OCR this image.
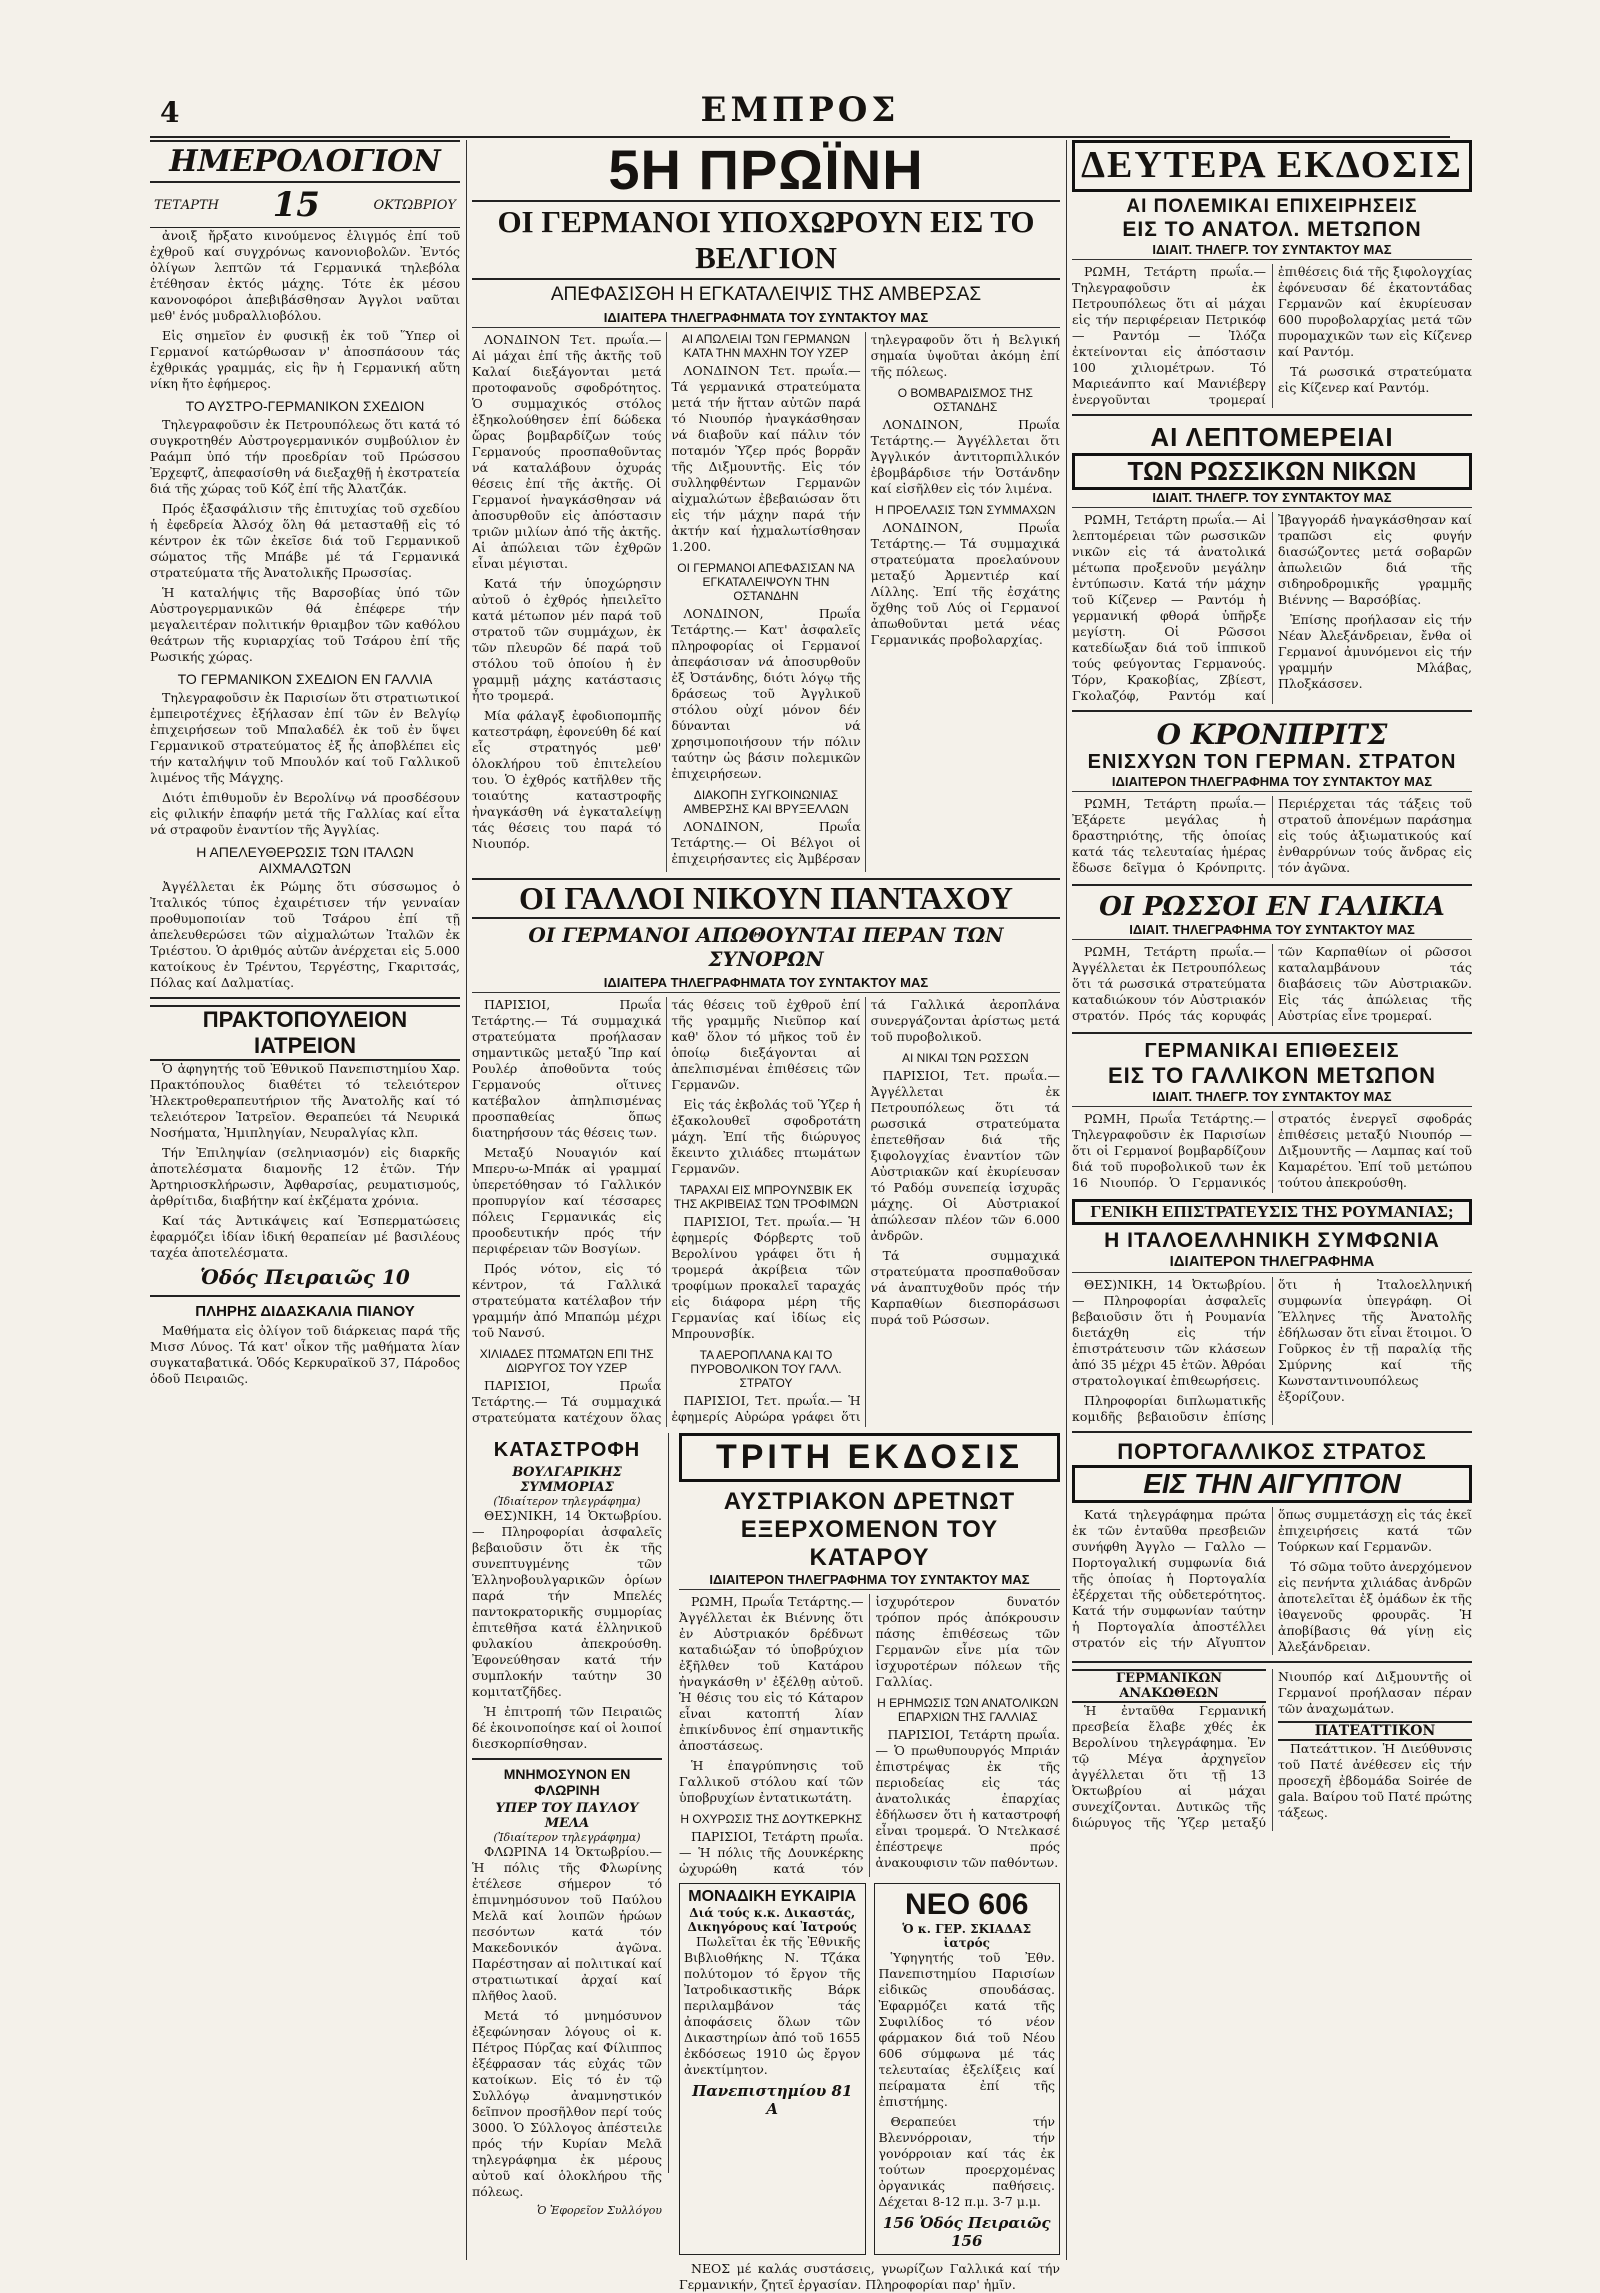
4	ΕΜΠΡΟΣ
ΗΜΕΡΟΛΟΓΙΟΝ
ΤΕΤΑΡΤΗ 15	ΟΚΤΩΒΡΙΟΥ

ἀνοιξ ἤρξατο κινούμενος ἑλιγμός ἐπί τοῦ ἐχθροῦ καί συγχρόνως κανονιοβολῶν. Ἐντός ὀλίγων λεπτῶν τά Γερμανικά τηλεβόλα ἐτέθησαν ἐκτός μάχης. Τότε ἐκ μέσου κανονοφόροι ἀπεβιβάσθησαν Ἀγγλοι ναῦται μεθ' ἑνός μυδραλλιοβόλου.

Εἰς σημεῖον ἐν φυσικῇ ἐκ τοῦ Ὕπερ οἱ Γερμανοί κατώρθωσαν ν' ἀποσπάσουν τάς ἐχθρικάς γραμμάς, εἰς ἣν ἡ Γερμανική αὕτη νίκη ἤτο ἐφήμερος.

ΤΟ ΑΥΣΤΡΟ-ΓΕΡΜΑΝΙΚΟΝ ΣΧΕΔΙΟΝ

Τηλεγραφοῦσιν ἐκ Πετρουπόλεως ὅτι κατά τό συγκροτηθέν Αὐστρογερμανικόν συμβούλιον ἐν Ραάμπ ὑπό τήν προεδρίαν τοῦ Πρώσσου Ἐρχεφτζ, ἀπεφασίσθη νά διεξαχθῇ ἡ ἐκστρατεία διά τῆς χώρας τοῦ Κόζ ἐπί τῆς Ἀλατζάκ.

Πρός ἐξασφάλισιν τῆς ἐπιτυχίας τοῦ σχεδίου ἡ ἐφεδρεία Ἀλσόχ ὅλη θά μετασταθῇ εἰς τό κέντρον ἐκ τῶν ἐκεῖσε διά τοῦ Γερμανικοῦ σώματος τῆς Μπάβε μέ τά Γερμανικά στρατεύματα τῆς Ἀνατολικῆς Πρωσσίας.

Ἡ καταλήψις τῆς Βαρσοβίας ὑπό τῶν Αὐστρογερμανικῶν θά ἐπέφερε τήν μεγαλειτέραν πολιτικήν θριαμβον τῶν καθόλου θεάτρων τῆς κυριαρχίας τοῦ Τσάρου ἐπί τῆς Ρωσικής χώρας.

ΤΟ ΓΕΡΜΑΝΙΚΟΝ ΣΧΕΔΙΟΝ ΕΝ ΓΑΛΛΙΑ

Τηλεγραφοῦσιν ἐκ Παρισίων ὅτι στρατιωτικοί ἐμπειροτέχνες ἐξήλασαν ἐπί τῶν ἐν Βελγίῳ ἐπιχειρήσεων τοῦ Μπαλαδέλ ἐκ τοῦ ἐν ὕψει Γερμανικοῦ στρατεύματος ἐξ ἧς ἀποβλέπει εἰς τήν καταλήψιν τοῦ Μπουλόν καί τοῦ Γαλλικοῦ λιμένος τῆς Μάγχης.

Διότι ἐπιθυμοῦν ἐν Βερολίνῳ νά προσδέσουν εἰς φιλικήν ἐπαφήν μετά τῆς Γαλλίας καί εἶτα νά στραφοῦν ἐναντίον τῆς Ἀγγλίας.

Η ΑΠΕΛΕΥΘΕΡΩΣΙΣ ΤΩΝ ΙΤΑΛΩΝ ΑΙΧΜΑΛΩΤΩΝ

Ἀγγέλλεται ἐκ Ρώμης ὅτι σύσσωμος ὁ Ἰταλικός τύπος ἐχαιρέτισεν τήν γενναίαν προθυμοποιίαν τοῦ Τσάρου ἐπί τῇ ἀπελευθερώσει τῶν αἰχμαλώτων Ἰταλῶν ἐκ Τριέστου. Ὁ ἀριθμός αὐτῶν ἀνέρχεται εἰς 5.000 κατοίκους ἐν Τρέντου, Τεργέστης, Γκαριτσάς, Πόλας καί Δαλματίας.

ΠΡΑΚΤΟΠΟΥΛΕΙΟΝ ΙΑΤΡΕΙΟΝ

Ὁ ἀφηγητής τοῦ Ἐθνικοῦ Πανεπιστημίου Χαρ. Πρακτόπουλος διαθέτει τό τελειότερον Ἠλεκτροθεραπευτήριον τῆς Ἀνατολῆς καί τό τελειότερον Ἰατρεῖον. Θεραπεύει τά Νευρικά Νοσήματα, Ἠμιπληγίαν, Νευραλγίας κλπ.

Τήν Ἐπιληψίαν (σεληνιασμόν) εἰς διαρκῆς ἀποτελέσματα διαμονῆς 12 ἐτῶν. Τήν Ἀρτηριοσκλήρωσιν, Ἀφθαρσίας, ρευματισμούς, ἀρθρίτιδα, διαβήτην καί ἐκζέματα χρόνια.

Καί τάς Ἀντικάψεις καί Ἐσπερματώσεις ἐφαρμόζει ἰδίαν ἰδική θεραπείαν μέ βασιλέους ταχέα ἀποτελέσματα.

Ὁδός Πειραιῶς 10
ΠΛΗΡΗΣ ΔΙΔΑΣΚΑΛΙΑ ΠΙΑΝΟΥ

Μαθήματα εἰς ὀλίγον τοῦ διάρκειας παρά τῆς Μισσ Λύνος. Τά κατ' οἶκον τῆς μαθήματα λίαν συγκαταβατικά. Ὁδός Κερκυραϊκοῦ 37, Πάροδος ὁδοῦ Πειραιῶς.

5Η ΠΡΩΪΝΗ
ΟΙ ΓΕΡΜΑΝΟΙ ΥΠΟΧΩΡΟΥΝ ΕΙΣ ΤΟ ΒΕΛΓΙΟΝ
ΑΠΕΦΑΣΙΣΘΗ Η ΕΓΚΑΤΑΛΕΙΨΙΣ ΤΗΣ ΑΜΒΕΡΣΑΣ
ΙΔΙΑΙΤΕΡΑ ΤΗΛΕΓΡΑΦΗΜΑΤΑ ΤΟΥ ΣΥΝΤΑΚΤΟΥ ΜΑΣ

ΛΟΝΔΙΝΟΝ Τετ. πρωΐα.— Αἱ μάχαι ἐπί τῆς ἀκτῆς τοῦ Καλαί διεξάγονται μετά προτοφανοῦς σφοδρότητος. Ὁ συμμαχικός στόλος ἐξηκολούθησεν ἐπί δώδεκα ὥρας βομβαρδίζων τούς Γερμανούς προσπαθοῦντας νά καταλάβουν ὀχυράς θέσεις ἐπί τῆς ἀκτῆς. Οἱ Γερμανοί ἠναγκάσθησαν νά ἀποσυρθοῦν εἰς ἀπόστασιν τριῶν μιλίων ἀπό τῆς ἀκτῆς. Αἱ ἀπώλειαι τῶν ἐχθρῶν εἶναι μέγισται.

Κατά τήν ὑποχώρησιν αὐτοῦ ὁ ἐχθρός ἠπειλεῖτο κατά μέτωπον μέν παρά τοῦ στρατοῦ τῶν συμμάχων, ἐκ τῶν πλευρῶν δέ παρά τοῦ στόλου τοῦ ὁποίου ἡ ἐν γραμμῇ μάχης κατάστασις ἦτο τρομερά.

Μία φάλαγξ ἐφοδιοπομπῆς κατεστράφη, ἐφονεύθη δέ καί εἷς στρατηγός μεθ' ὁλοκλήρου τοῦ ἐπιτελείου του. Ὁ ἐχθρός κατῆλθεν τῆς τοιαύτης καταστροφῆς ἠναγκάσθη νά ἐγκαταλείψῃ τάς θέσεις του παρά τό Νιουπόρ.

ΑΙ ΑΠΩΛΕΙΑΙ ΤΩΝ ΓΕΡΜΑΝΩΝ ΚΑΤΑ ΤΗΝ ΜΑΧΗΝ ΤΟΥ ΥΖΕΡ

ΛΟΝΔΙΝΟΝ Τετ. πρωΐα.— Τά γερμανικά στρατεύματα μετά τήν ἥτταν αὐτῶν παρά τό Νιουπόρ ἠναγκάσθησαν νά διαβοῦν καί πάλιν τόν ποταμόν Ὑζερ πρός βορρᾶν τῆς Διξμουντῆς. Εἰς τόν συλληφθέντων Γερμανῶν αἰχμαλώτων ἐβεβαιώσαν ὅτι εἰς τήν μάχην παρά τήν ἀκτήν καί ἠχμαλωτίσθησαν 1.200.

ΟΙ ΓΕΡΜΑΝΟΙ ΑΠΕΦΑΣΙΣΑΝ ΝΑ ΕΓΚΑΤΑΛΕΙΨΟΥΝ ΤΗΝ ΟΣΤΑΝΔΗΝ

ΛΟΝΔΙΝΟΝ, Πρωΐα Τετάρτης.— Κατ' ἀσφαλεῖς πληροφορίας οἱ Γερμανοί ἀπεφάσισαν νά ἀποσυρθοῦν ἐξ Ὀστάνδης, διότι λόγῳ τῆς δράσεως τοῦ Ἀγγλικοῦ στόλου οὐχί μόνον δέν δύνανται νά χρησιμοποιήσουν τήν πόλιν ταύτην ὡς βάσιν πολεμικῶν ἐπιχειρήσεων.

ΔΙΑΚΟΠΗ ΣΥΓΚΟΙΝΩΝΙΑΣ ΑΜΒΕΡΣΗΣ ΚΑΙ ΒΡΥΞΕΛΛΩΝ

ΛΟΝΔΙΝΟΝ, Πρωΐα Τετάρτης.— Οἱ Βέλγοι οἱ ἐπιχειρήσαντες εἰς Ἀμβέρσαν τηλεγραφοῦν ὅτι ἡ Βελγική σημαία ὑψοῦται ἀκόμη ἐπί τῆς πόλεως.

Ο ΒΟΜΒΑΡΔΙΣΜΟΣ ΤΗΣ ΟΣΤΑΝΔΗΣ

ΛΟΝΔΙΝΟΝ, Πρωΐα Τετάρτης.— Ἀγγέλλεται ὅτι Ἀγγλικόν ἀντιτορπιλλικόν ἐβομβάρδισε τήν Ὀστάνδην καί εἰσῆλθεν εἰς τόν λιμένα.

Η ΠΡΟΕΛΑΣΙΣ ΤΩΝ ΣΥΜΜΑΧΩΝ

ΛΟΝΔΙΝΟΝ, Πρωΐα Τετάρτης.— Τά συμμαχικά στρατεύματα προελαύνουν μεταξύ Ἀρμεντιέρ καί Λίλλης. Ἐπί τῆς ἐσχάτης ὄχθης τοῦ Λύς οἱ Γερμανοί ἀπωθοῦνται μετά νέας Γερμανικάς προβολαρχίας.

ΟΙ ΓΑΛΛΟΙ ΝΙΚΟΥΝ ΠΑΝΤΑΧΟΥ
ΟΙ ΓΕΡΜΑΝΟΙ ΑΠΩΘΟΥΝΤΑΙ ΠΕΡΑΝ ΤΩΝ ΣΥΝΟΡΩΝ
ΙΔΙΑΙΤΕΡΑ ΤΗΛΕΓΡΑΦΗΜΑΤΑ ΤΟΥ ΣΥΝΤΑΚΤΟΥ ΜΑΣ

ΠΑΡΙΣΙΟΙ, Πρωΐα Τετάρτης.— Τά συμμαχικά στρατεύματα προήλασαν σημαντικῶς μεταξύ Ἴπρ καί Ρουλέρ ἀποθοῦντα τούς Γερμανούς οἵτινες κατέβαλον ἀπηλπισμένας προσπαθείας ὅπως διατηρήσουν τάς θέσεις των.

Μεταξύ Νουαγιόν καί Μπερυ-ω-Μπάκ αἱ γραμμαί ὑπερετόθησαν τό Γαλλικόν προπυργίον καί τέσσαρες πόλεις Γερμανικάς εἰς προοδευτικήν πρός τήν περιφέρειαν τῶν Βοσγίων.

Πρός νότον, εἰς τό κέντρον, τά Γαλλικά στρατεύματα κατέλαβον τήν γραμμήν ἀπό Μπαπώμ μέχρι τοῦ Νανσύ.

ΧΙΛΙΑΔΕΣ ΠΤΩΜΑΤΩΝ ΕΠΙ ΤΗΣ ΔΙΩΡΥΓΟΣ ΤΟΥ ΥΖΕΡ

ΠΑΡΙΣΙΟΙ, Πρωΐα Τετάρτης.— Τά συμμαχικά στρατεύματα κατέχουν ὅλας τάς θέσεις τοῦ ἐχθροῦ ἐπί τῆς γραμμῆς Νιεῦπορ καί καθ' ὅλον τό μῆκος τοῦ ἐν ὁποίῳ διεξάγονται αἱ ἀπελπισμέναι ἐπιθέσεις τῶν Γερμανῶν.

Εἰς τάς ἐκβολάς τοῦ Ὑζερ ἡ ἐξακολουθεῖ σφοδροτάτη μάχη. Ἐπί τῆς διώρυγος ἔκειντο χιλιάδες πτωμάτων Γερμανῶν.

ΤΑΡΑΧΑΙ ΕΙΣ ΜΠΡΟΥΝΣΒΙΚ ΕΚ ΤΗΣ ΑΚΡΙΒΕΙΑΣ ΤΩΝ ΤΡΟΦΙΜΩΝ

ΠΑΡΙΣΙΟΙ, Τετ. πρωΐα.— Ἡ ἐφημερίς Φόρβερτς τοῦ Βερολίνου γράφει ὅτι ἡ τρομερά ἀκρίβεια τῶν τροφίμων προκαλεῖ ταραχάς εἰς διάφορα μέρη τῆς Γερμανίας καί ἰδίως εἰς Μπρουνσβίκ.

ΤΑ ΑΕΡΟΠΛΑΝΑ ΚΑΙ ΤΟ ΠΥΡΟΒΟΛΙΚΟΝ ΤΟΥ ΓΑΛΛ. ΣΤΡΑΤΟΥ

ΠΑΡΙΣΙΟΙ, Τετ. πρωΐα.— Ἡ ἐφημερίς Αὐρώρα γράφει ὅτι τά Γαλλικά ἀεροπλάνα συνεργάζονται ἀρίστως μετά τοῦ πυροβολικοῦ.

ΑΙ ΝΙΚΑΙ ΤΩΝ ΡΩΣΣΩΝ

ΠΑΡΙΣΙΟΙ, Τετ. πρωΐα.— Ἀγγέλλεται ἐκ Πετρουπόλεως ὅτι τά ρωσσικά στρατεύματα ἐπετεθῆσαν διά τῆς ξιφολογχίας ἐναντίον τῶν Αὐστριακῶν καί ἐκυρίευσαν τό Ραδόμ συνεπείᾳ ἰσχυρᾶς μάχης. Οἱ Αὐστριακοί ἀπώλεσαν πλέον τῶν 6.000 ἀνδρῶν.

Τά συμμαχικά στρατεύματα προσπαθοῦσαν νά ἀναπτυχθοῦν πρός τήν Καρπαθίων διεσποράσωσι πυρά τοῦ Ρώσσων.

ΚΑΤΑΣΤΡΟΦΗ
ΒΟΥΛΓΑΡΙΚΗΣ ΣΥΜΜΟΡΙΑΣ
(Ἰδιαίτερον τηλεγράφημα)

ΘΕΣ)ΝΙΚΗ, 14 Ὀκτωβρίου.— Πληροφορίαι ἀσφαλεῖς βεβαιοῦσιν ὅτι ἐκ τῆς συνεπτυγμένης τῶν Ἑλληνοβουλγαρικῶν ὁρίων παρά τήν Μπελές παντοκρατορικῆς συμμορίας ἐπιτεθῆσα κατά ἑλληνικοῦ φυλακίου ἀπεκρούσθη. Ἐφονεύθησαν κατά τήν συμπλοκήν ταύτην 30 κομιτατζῆδες.

Ἡ ἐπιτροπή τῶν Πειραιῶς δέ ἐκοινοποίησε καί οἱ λοιποί διεσκορπίσθησαν.

ΜΝΗΜΟΣΥΝΟΝ ΕΝ ΦΛΩΡΙΝΗ
ΥΠΕΡ ΤΟΥ ΠΑΥΛΟΥ ΜΕΛΑ
(Ἰδιαίτερον τηλεγράφημα)

ΦΛΩΡΙΝΑ 14 Ὀκτωβρίου.— Ἡ πόλις τῆς Φλωρίνης ἐτέλεσε σήμερον τό ἐπιμνημόσυνον τοῦ Παύλου Μελᾶ καί λοιπῶν ἡρώων πεσόντων κατά τόν Μακεδονικόν ἀγῶνα. Παρέστησαν αἱ πολιτικαί καί στρατιωτικαί ἀρχαί καί πλῆθος λαοῦ.

Μετά τό μνημόσυνον ἐξεφώνησαν λόγους οἱ κ. Πέτρος Πύρζας καί Φίλιππος ἐξέφρασαν τάς εὐχάς τῶν κατοίκων. Εἰς τό ἐν τῷ Συλλόγῳ ἀναμνηστικόν δεῖπνον προσῆλθον περί τούς 3000. Ὁ Σύλλογος ἀπέστειλε πρός τήν Κυρίαν Μελᾶ τηλεγράφημα ἐκ μέρους αὐτοῦ καί ὁλοκλήρου τῆς πόλεως.

Ὁ Ἐφορεῖον Συλλόγου
ΤΡΙΤΗ ΕΚΔΟΣΙΣ
ΑΥΣΤΡΙΑΚΟΝ ΔΡΕΤΝΩΤ
ΕΞΕΡΧΟΜΕΝΟΝ ΤΟΥ ΚΑΤΑΡΟΥ
ΙΔΙΑΙΤΕΡΟΝ ΤΗΛΕΓΡΑΦΗΜΑ ΤΟΥ ΣΥΝΤΑΚΤΟΥ ΜΑΣ

ΡΩΜΗ, Πρωΐα Τετάρτης.— Ἀγγέλλεται ἐκ Βιέννης ὅτι ἐν Αὐστριακόν δρέδνωτ καταδιώξαν τό ὑποβρύχιον ἐξῆλθεν τοῦ Κατάρου ἠναγκάσθη ν' ἐξέλθῃ αὐτοῦ. Ἡ θέσις του εἰς τό Κάταρον εἶναι κατοπτή λίαν ἐπικίνδυνος ἐπί σημαντικῆς ἀποστάσεως.

Ἡ ἐπαγρύπνησις τοῦ Γαλλικοῦ στόλου καί τῶν ὑποβρυχίων ἐντατικωτάτη.

Η ΟΧΥΡΩΣΙΣ ΤΗΣ ΔΟΥΤΚΕΡΚΗΣ

ΠΑΡΙΣΙΟΙ, Τετάρτη πρωΐα.— Ἡ πόλις τῆς Δουνκέρκης ὠχυρώθη κατά τόν ἰσχυρότερον δυνατόν τρόπον πρός ἀπόκρουσιν πάσης ἐπιθέσεως τῶν Γερμανῶν εἶνε μία τῶν ἰσχυροτέρων πόλεων τῆς Γαλλίας.

Η ΕΡΗΜΩΣΙΣ ΤΩΝ ΑΝΑΤΟΛΙΚΩΝ ΕΠΑΡΧΙΩΝ ΤΗΣ ΓΑΛΛΙΑΣ

ΠΑΡΙΣΙΟΙ, Τετάρτη πρωΐα.— Ὁ πρωθυπουργός Μπριάν ἐπιστρέψας ἐκ τῆς περιοδείας εἰς τάς ἀνατολικάς ἐπαρχίας ἐδήλωσεν ὅτι ἡ καταστροφή εἶναι τρομερά. Ὁ Ντελκασέ ἐπέστρεψε πρός ἀνακουφισιν τῶν παθόντων.

ΜΟΝΑΔΙΚΗ ΕΥΚΑΙΡΙΑ
Διά τούς κ.κ. Δικαστάς, Δικηγόρους καί Ἰατρούς

Πωλεῖται ἐκ τῆς Ἐθνικῆς Βιβλιοθήκης Ν. Τζάκα πολύτομον τό ἔργον τῆς Ἰατροδικαστικῆς Βάρκ περιλαμβάνον τάς ἀποφάσεις ὅλων τῶν Δικαστηρίων ἀπό τοῦ 1655 ἐκδόσεως 1910 ὡς ἔργον ἀνεκτίμητον.

Πανεπιστημίου 81 Α
ΝΕΟ 606
Ὁ κ. ΓΕΡ. ΣΚΙΑΔΑΣ ἰατρός

Ὑφηγητής τοῦ Ἐθν. Πανεπιστημίου Παρισίων εἰδικῶς σπουδάσας. Ἐφαρμόζει κατά τῆς Συφιλίδος τό νέον φάρμακον διά τοῦ Νέου 606 σύμφωνα μέ τάς τελευταίας ἐξελίξεις καί πείραματα ἐπί τῆς ἐπιστήμης.

Θεραπεύει τήν Βλεννόρροιαν, τήν γονόρροιαν καί τάς ἐκ τούτων προερχομένας ὀργανικάς παθήσεις. Δέχεται 8-12 π.μ. 3-7 μ.μ.

156 Ὁδός Πειραιῶς 156

ΝΕΟΣ μέ καλάς συστάσεις, γνωρίζων Γαλλικά καί τήν Γερμανικήν, ζητεῖ ἐργασίαν. Πληροφορίαι παρ' ἡμῖν.

ΔΕΥΤΕΡΑ ΕΚΔΟΣΙΣ
ΑΙ ΠΟΛΕΜΙΚΑΙ ΕΠΙΧΕΙΡΗΣΕΙΣ
ΕΙΣ ΤΟ ΑΝΑΤΟΛ. ΜΕΤΩΠΟΝ
ΙΔΙΑΙΤ. ΤΗΛΕΓΡ. ΤΟΥ ΣΥΝΤΑΚΤΟΥ ΜΑΣ

ΡΩΜΗ, Τετάρτη πρωΐα.— Τηλεγραφοῦσιν ἐκ Πετρουπόλεως ὅτι αἱ μάχαι εἰς τήν περιφέρειαν Πετρικόφ — Ραντόμ — Ἰλόζα ἐκτείνονται εἰς ἀπόστασιν 100 χιλιομέτρων. Τό Μαριεάνπτο καί Μανιέβεργ ἐνεργοῦνται τρομεραί ἐπιθέσεις διά τῆς ξιφολογχίας ἐφόνευσαν δέ ἑκατοντάδας Γερμανῶν καί ἐκυρίευσαν 600 πυροβολαρχίας μετά τῶν πυρομαχικῶν των εἰς Κίζενερ καί Ραντόμ.

Τά ρωσσικά στρατεύματα εἰς Κίζενερ καί Ραντόμ.

ΑΙ ΛΕΠΤΟΜΕΡΕΙΑΙ
ΤΩΝ ΡΩΣΣΙΚΩΝ ΝΙΚΩΝ
ΙΔΙΑΙΤ. ΤΗΛΕΓΡ. ΤΟΥ ΣΥΝΤΑΚΤΟΥ ΜΑΣ

ΡΩΜΗ, Τετάρτη πρωΐα.— Αἱ λεπτομέρειαι τῶν ρωσσικῶν νικῶν εἰς τά ἀνατολικά μέτωπα προξενοῦν μεγάλην ἐντύπωσιν. Κατά τήν μάχην τοῦ Κίζενερ — Ραντόμ ἡ γερμανική φθορά ὑπῆρξε μεγίστη. Οἱ Ρῶσσοι κατεδίωξαν διά τοῦ ἱππικοῦ τούς φεύγοντας Γερμανούς. Τόρν, Κρακοβίας, Ζβίεστ, Γκολαζόφ, Ραντόμ καί Ἰβαγγοράδ ἠναγκάσθησαν καί τραπῶσι εἰς φυγήν διασώζοντες μετά σοβαρῶν ἀπωλειῶν διά τῆς σιδηροδρομικῆς γραμμῆς Βιέννης — Βαρσόβίας.

Ἐπίσης προήλασαν εἰς τήν Νέαν Ἀλεξάνδρειαν, ἔνθα οἱ Γερμανοί ἀμυνόμενοι εἰς τήν γραμμήν Μλάβας, Πλοξκάσσεν.

Ο ΚΡΟΝΠΡΙΤΣ
ΕΝΙΣΧΥΩΝ ΤΟΝ ΓΕΡΜΑΝ. ΣΤΡΑΤΟΝ
ΙΔΙΑΙΤΕΡΟΝ ΤΗΛΕΓΡΑΦΗΜΑ ΤΟΥ ΣΥΝΤΑΚΤΟΥ ΜΑΣ

ΡΩΜΗ, Τετάρτη πρωΐα.— Ἐξάρετε μεγάλας ἡ δραστηριότης, τῆς ὁποίας κατά τάς τελευταίας ἡμέρας ἔδωσε δεῖγμα ὁ Κρόνπριτς. Περιέρχεται τάς τάξεις τοῦ στρατοῦ ἀπονέμων παράσημα εἰς τούς ἀξιωματικούς καί ἐνθαρρύνων τούς ἄνδρας εἰς τόν ἀγῶνα.

ΟΙ ΡΩΣΣΟΙ ΕΝ ΓΑΛΙΚΙΑ
ΙΔΙΑΙΤ. ΤΗΛΕΓΡΑΦΗΜΑ ΤΟΥ ΣΥΝΤΑΚΤΟΥ ΜΑΣ

ΡΩΜΗ, Τετάρτη πρωΐα.— Ἀγγέλλεται ἐκ Πετρουπόλεως ὅτι τά ρωσσικά στρατεύματα καταδιώκουν τόν Αὐστριακόν στρατόν. Πρός τάς κορυφάς τῶν Καρπαθίων οἱ ρῶσσοι καταλαμβάνουν τάς διαβάσεις τῶν Αὐστριακῶν. Εἰς τάς ἀπώλειας τῆς Αὐστρίας εἶνε τρομεραί.

ΓΕΡΜΑΝΙΚΑΙ ΕΠΙΘΕΣΕΙΣ
ΕΙΣ ΤΟ ΓΑΛΛΙΚΟΝ ΜΕΤΩΠΟΝ
ΙΔΙΑΙΤ. ΤΗΛΕΓΡ. ΤΟΥ ΣΥΝΤΑΚΤΟΥ ΜΑΣ

ΡΩΜΗ, Πρωΐα Τετάρτης.— Τηλεγραφοῦσιν ἐκ Παρισίων ὅτι οἱ Γερμανοί βομβαρδίζουν διά τοῦ πυροβολικοῦ των ἐκ 16 Νιουπόρ. Ὁ Γερμανικός στρατός ἐνεργεῖ σφοδράς ἐπιθέσεις μεταξύ Νιουπόρ — Διξμουντῆς — Λαμπας καί τοῦ Καμαρέτου. Ἐπί τοῦ μετώπου τούτου ἀπεκρούσθη.

ΓΕΝΙΚΗ ΕΠΙΣΤΡΑΤΕΥΣΙΣ ΤΗΣ ΡΟΥΜΑΝΙΑΣ;
Η ΙΤΑΛΟΕΛΛΗΝΙΚΗ ΣΥΜΦΩΝΙΑ
ΙΔΙΑΙΤΕΡΟΝ ΤΗΛΕΓΡΑΦΗΜΑ

ΘΕΣ)ΝΙΚΗ, 14 Ὀκτωβρίου.— Πληροφορίαι ἀσφαλεῖς βεβαιοῦσιν ὅτι ἡ Ρουμανία διετάχθη εἰς τήν ἐπιστράτευσιν τῶν κλάσεων ἀπό 35 μέχρι 45 ἐτῶν. Ἀθρόαι στρατολογικαί ἐπιθεωρήσεις.

Πληροφορίαι διπλωματικῆς κομιδῆς βεβαιοῦσιν ἐπίσης ὅτι ἡ Ἰταλοελληνική συμφωνία ὑπεγράφη. Οἱ Ἕλληνες τῆς Ἀνατολῆς ἐδήλωσαν ὅτι εἶναι ἕτοιμοι. Ὁ Γοῦρκος ἐν τῇ παραλίᾳ τῆς Σμύρνης καί τῆς Κωνσταντινουπόλεως ἐξορίζουν.

ΠΟΡΤΟΓΑΛΛΙΚΟΣ ΣΤΡΑΤΟΣ
ΕΙΣ ΤΗΝ ΑΙΓΥΠΤΟΝ

Κατά τηλεγράφημα πρώτα ἐκ τῶν ἐνταῦθα πρεσβειῶν συνήφθη Ἀγγλο — Γαλλο — Πορτογαλική συμφωνία διά τῆς ὁποίας ἡ Πορτογαλία ἐξέρχεται τῆς οὐδετερότητος. Κατά τήν συμφωνίαν ταύτην ἡ Πορτογαλία ἀποστέλλει στρατόν εἰς τήν Αἴγυπτον ὅπως συμμετάσχῃ εἰς τάς ἐκεῖ ἐπιχειρήσεις κατά τῶν Τούρκων καί Γερμανῶν.

Τό σῶμα τοῦτο ἀνερχόμενον εἰς πενήντα χιλιάδας ἀνδρῶν ἀποτελεῖται ἐξ ὁμάδων ἐκ τῆς ἰθαγενοῦς φρουρᾶς. Ἡ ἀποβίβασις θά γίνῃ εἰς Ἀλεξάνδρειαν.

ΓΕΡΜΑΝΙΚΩΝ ΑΝΑΚΩΘΕΩΝ

Ἡ ἐνταῦθα Γερμανική πρεσβεία ἔλαβε χθές ἐκ Βερολίνου τηλεγράφημα. Ἐν τῷ Μέγα ἀρχηγεῖον ἀγγέλλεται ὅτι τῇ 13 Ὀκτωβρίου αἱ μάχαι συνεχίζονται. Δυτικῶς τῆς διώρυγος τῆς Ὑζερ μεταξύ Νιουπόρ καί Διξμουντῆς οἱ Γερμανοί προήλασαν πέραν τῶν ἀναχωμάτων.

ΠΑΤΕΑΤΤΙΚΟΝ

Πατεάττικον. Ἡ Διεύθυνσις τοῦ Πατέ ἀνέθεσεν εἰς τήν προσεχῆ ἐβδομάδα Soirée de gala. Βαίρου τοῦ Πατέ πρώτης τάξεως.
